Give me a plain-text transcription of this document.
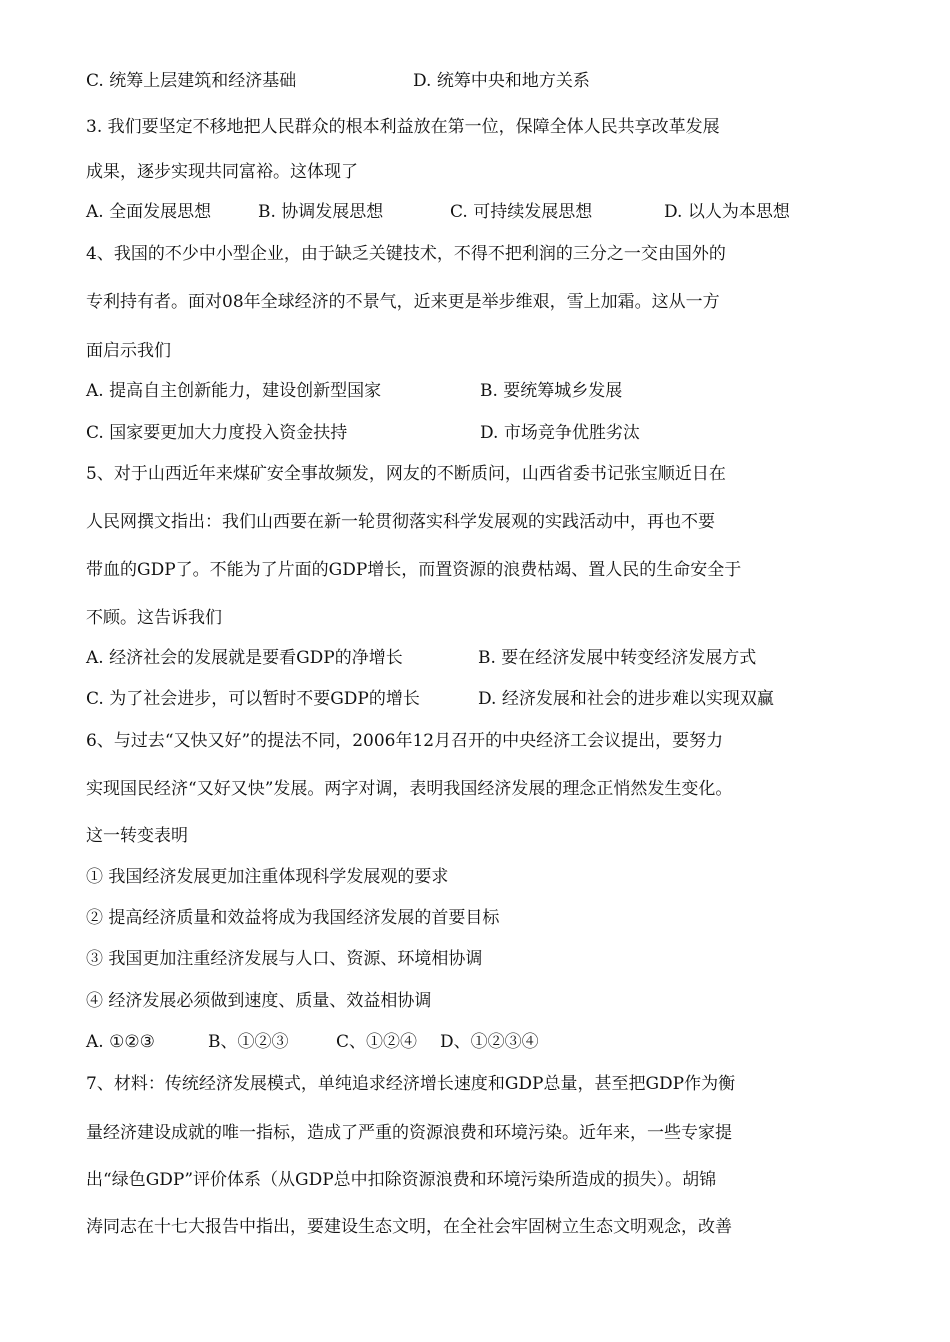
C. 统筹上层建筑和经济基础	D. 统筹中央和地方关系
3. 我们要坚定不移地把人民群众的根本利益放在第一位，保障全体人民共享改革发展
成果，逐步实现共同富裕。这体现了
A. 全面发展思想	B. 协调发展思想	C. 可持续发展思想	D. 以人为本思想
4、我国的不少中小型企业，由于缺乏关键技术，不得不把利润的三分之一交由国外的
专利持有者。面对08年全球经济的不景气，近来更是举步维艰，雪上加霜。这从一方
面启示我们
A. 提高自主创新能力，建设创新型国家	B. 要统筹城乡发展
C. 国家要更加大力度投入资金扶持	D. 市场竞争优胜劣汰
5、对于山西近年来煤矿安全事故频发，网友的不断质问，山西省委书记张宝顺近日在
人民网撰文指出：我们山西要在新一轮贯彻落实科学发展观的实践活动中，再也不要
带血的GDP了。不能为了片面的GDP增长，而置资源的浪费枯竭、置人民的生命安全于
不顾。这告诉我们
A. 经济社会的发展就是要看GDP的净增长	B. 要在经济发展中转变经济发展方式
C. 为了社会进步，可以暂时不要GDP的增长	D. 经济发展和社会的进步难以实现双赢
6、与过去“又快又好”的提法不同，2006年12月召开的中央经济工会议提出，要努力
实现国民经济“又好又快”发展。两字对调，表明我国经济发展的理念正悄然发生变化。
这一转变表明
① 我国经济发展更加注重体现科学发展观的要求
② 提高经济质量和效益将成为我国经济发展的首要目标
③ 我国更加注重经济发展与人口、资源、环境相协调
④ 经济发展必须做到速度、质量、效益相协调
A. ①②③	B、①②③	C、①②④ D、①②③④
7、材料：传统经济发展模式，单纯追求经济增长速度和GDP总量，甚至把GDP作为衡
量经济建设成就的唯一指标，造成了严重的资源浪费和环境污染。近年来，一些专家提
出“绿色GDP”评价体系（从GDP总中扣除资源浪费和环境污染所造成的损失）。胡锦
涛同志在十七大报告中指出，要建设生态文明，在全社会牢固树立生态文明观念，改善
